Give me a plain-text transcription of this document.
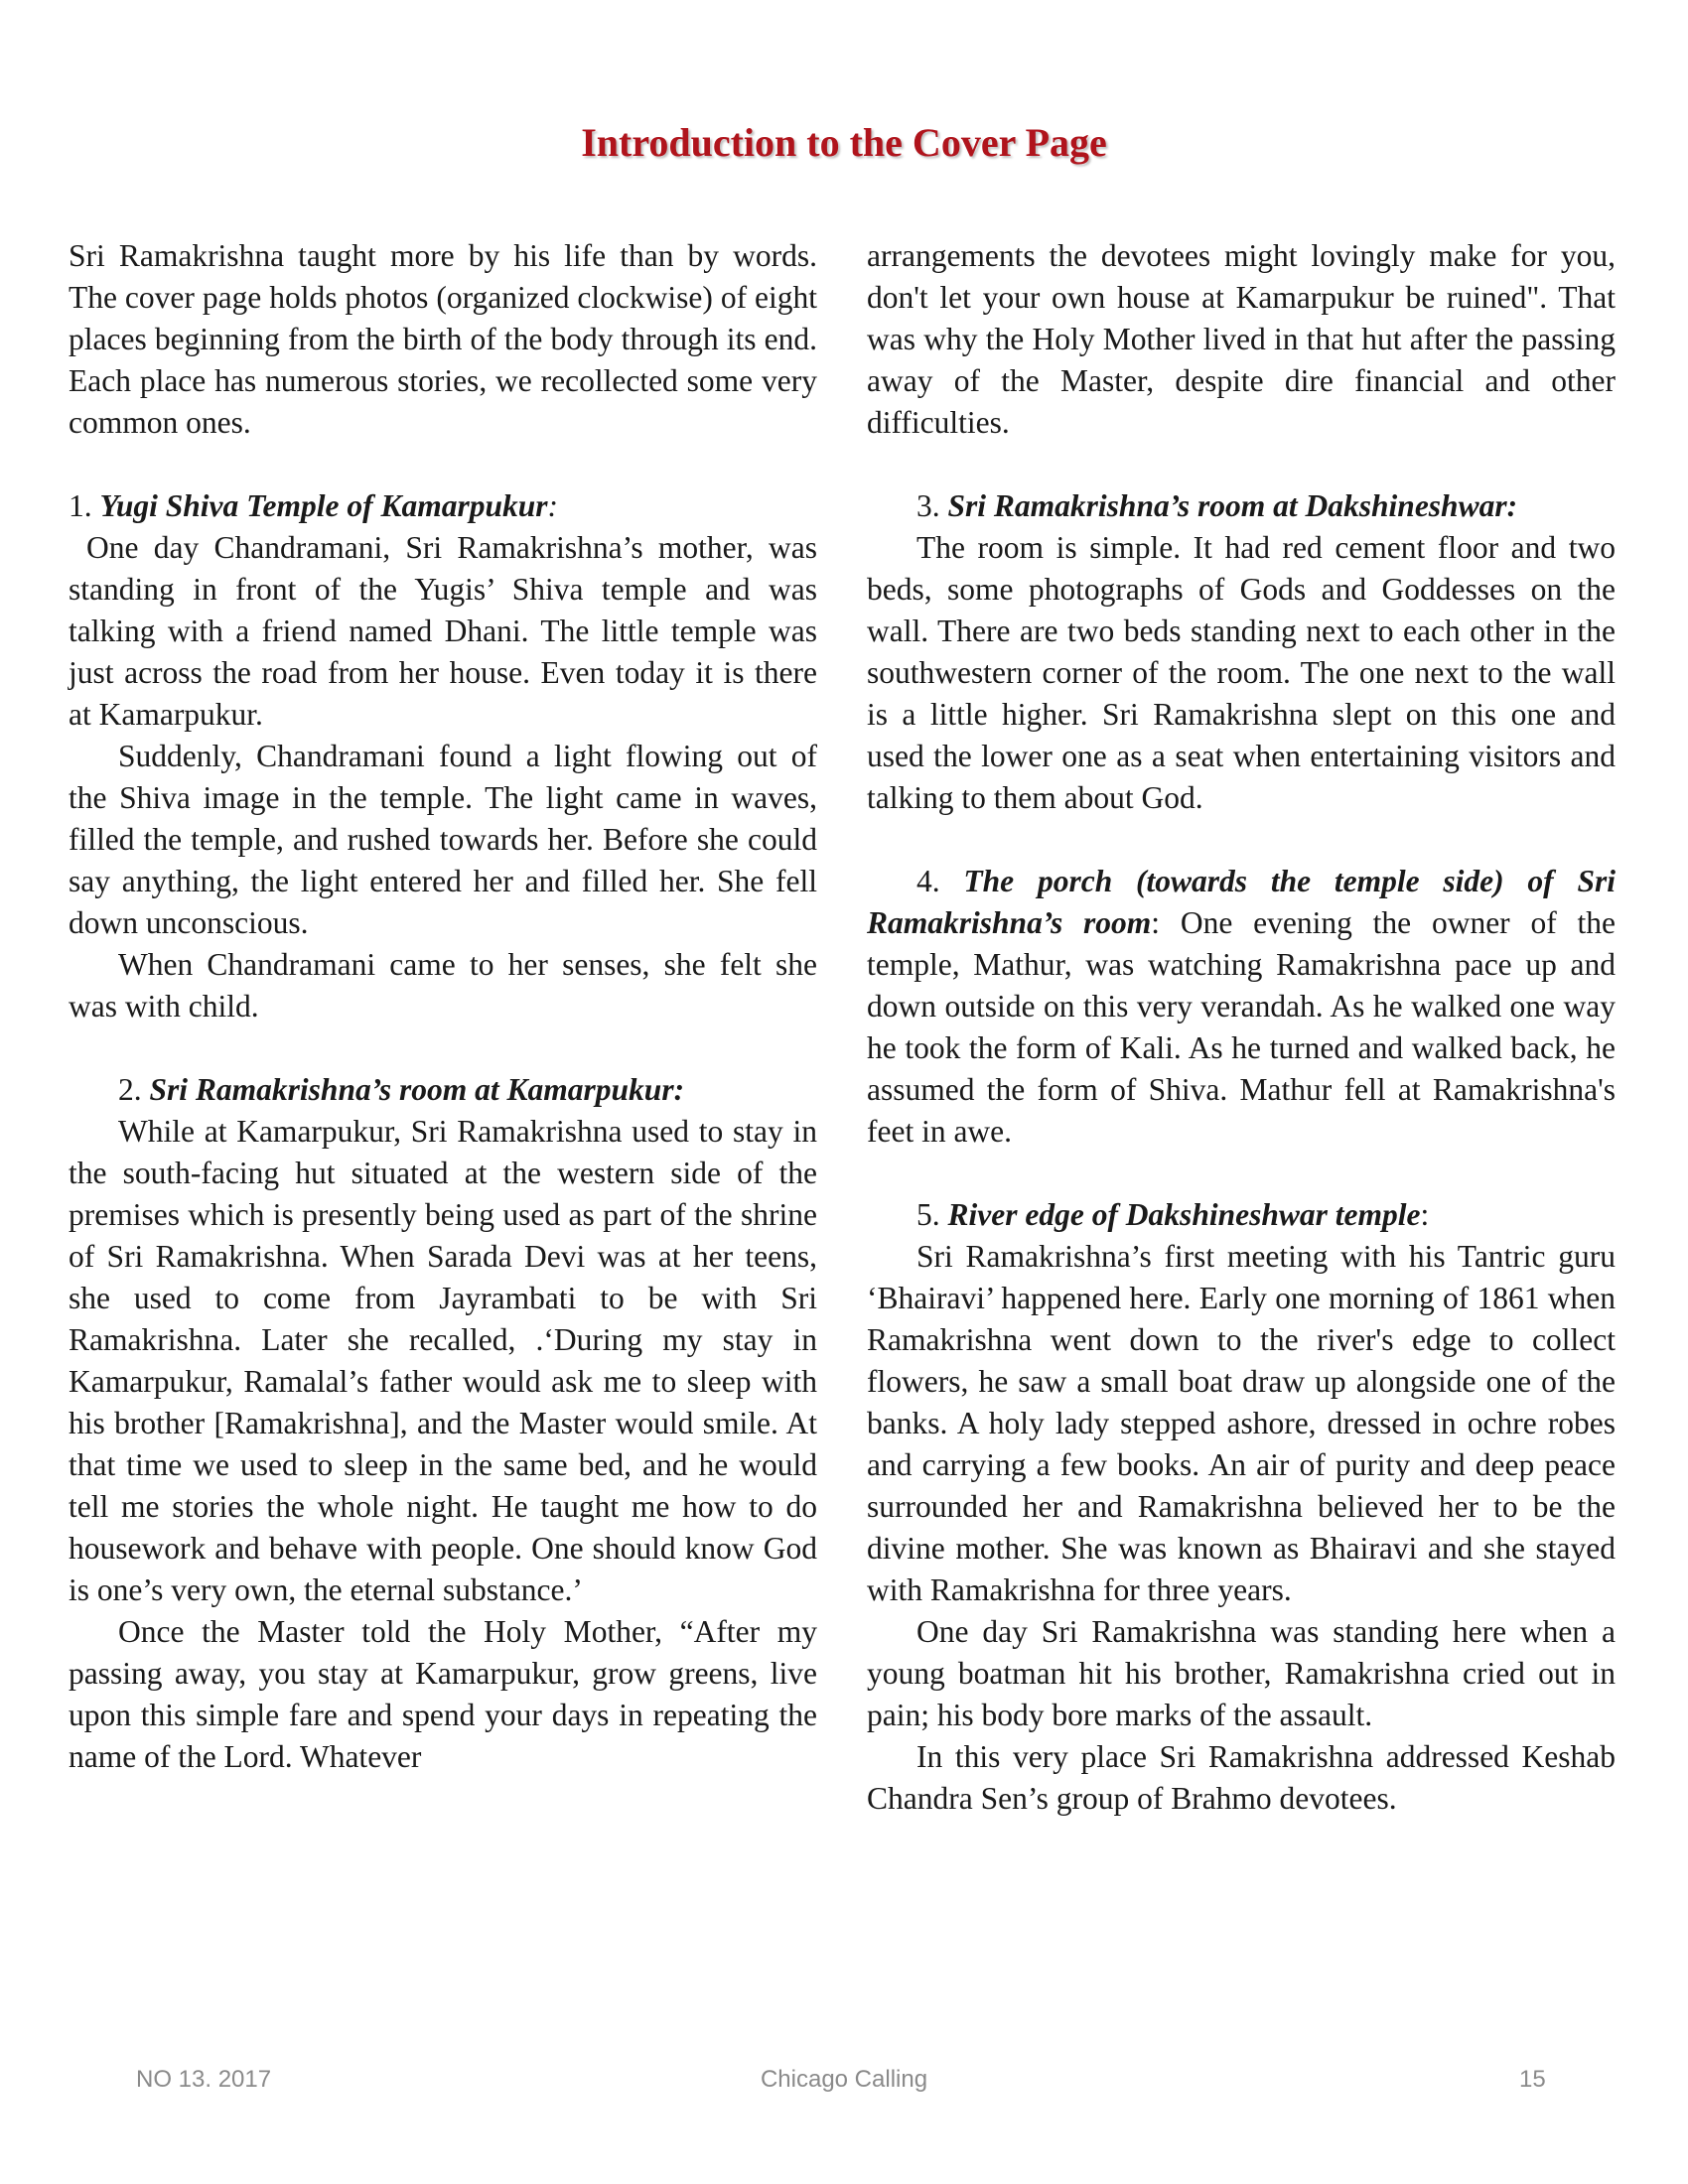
Introduction to the Cover Page

Sri Ramakrishna taught more by his life than by words. The cover page holds photos (organized clockwise) of eight places beginning from the birth of the body through its end. Each place has numerous stories, we recollected some very common ones.

1. Yugi Shiva Temple of Kamarpukur:

One day Chandramani, Sri Ramakrishna’s mother, was standing in front of the Yugis’ Shiva temple and was talking with a friend named Dhani. The little temple was just across the road from her house. Even today it is there at Kamarpukur.

Suddenly, Chandramani found a light flowing out of the Shiva image in the temple. The light came in waves, filled the temple, and rushed towards her. Before she could say anything, the light entered her and filled her. She fell down unconscious.

When Chandramani came to her senses, she felt she was with child.

2. Sri Ramakrishna’s room at Kamarpukur:

While at Kamarpukur, Sri Ramakrishna used to stay in the south-facing hut situated at the western side of the premises which is presently being used as part of the shrine of Sri Ramakrishna. When Sarada Devi was at her teens, she used to come from Jayrambati to be with Sri Ramakrishna. Later she recalled, .‘During my stay in Kamarpukur, Ramalal’s father would ask me to sleep with his brother [Ramakrishna], and the Master would smile. At that time we used to sleep in the same bed, and he would tell me stories the whole night. He taught me how to do housework and behave with people. One should know God is one’s very own, the eternal substance.’

Once the Master told the Holy Mother, “After my passing away, you stay at Kamarpukur, grow greens, live upon this simple fare and spend your days in repeating the name of the Lord. Whatever

arrangements the devotees might lovingly make for you, don't let your own house at Kamarpukur be ruined". That was why the Holy Mother lived in that hut after the passing away of the Master, despite dire financial and other difficulties.

3. Sri Ramakrishna’s room at Dakshineshwar:

The room is simple. It had red cement floor and two beds, some photographs of Gods and Goddesses on the wall. There are two beds standing next to each other in the southwestern corner of the room. The one next to the wall is a little higher. Sri Ramakrishna slept on this one and used the lower one as a seat when entertaining visitors and talking to them about God.

4. The porch (towards the temple side) of Sri Ramakrishna’s room: One evening the owner of the temple, Mathur, was watching Ramakrishna pace up and down outside on this very verandah. As he walked one way he took the form of Kali. As he turned and walked back, he assumed the form of Shiva. Mathur fell at Ramakrishna's feet in awe.

5. River edge of Dakshineshwar temple:

Sri Ramakrishna’s first meeting with his Tantric guru ‘Bhairavi’ happened here. Early one morning of 1861 when Ramakrishna went down to the river's edge to collect flowers, he saw a small boat draw up alongside one of the banks. A holy lady stepped ashore, dressed in ochre robes and carrying a few books. An air of purity and deep peace surrounded her and Ramakrishna believed her to be the divine mother. She was known as Bhairavi and she stayed with Ramakrishna for three years.

One day Sri Ramakrishna was standing here when a young boatman hit his brother, Ramakrishna cried out in pain; his body bore marks of the assault.

In this very place Sri Ramakrishna addressed Keshab Chandra Sen’s group of Brahmo devotees.

NO 13. 2017	Chicago Calling	15
